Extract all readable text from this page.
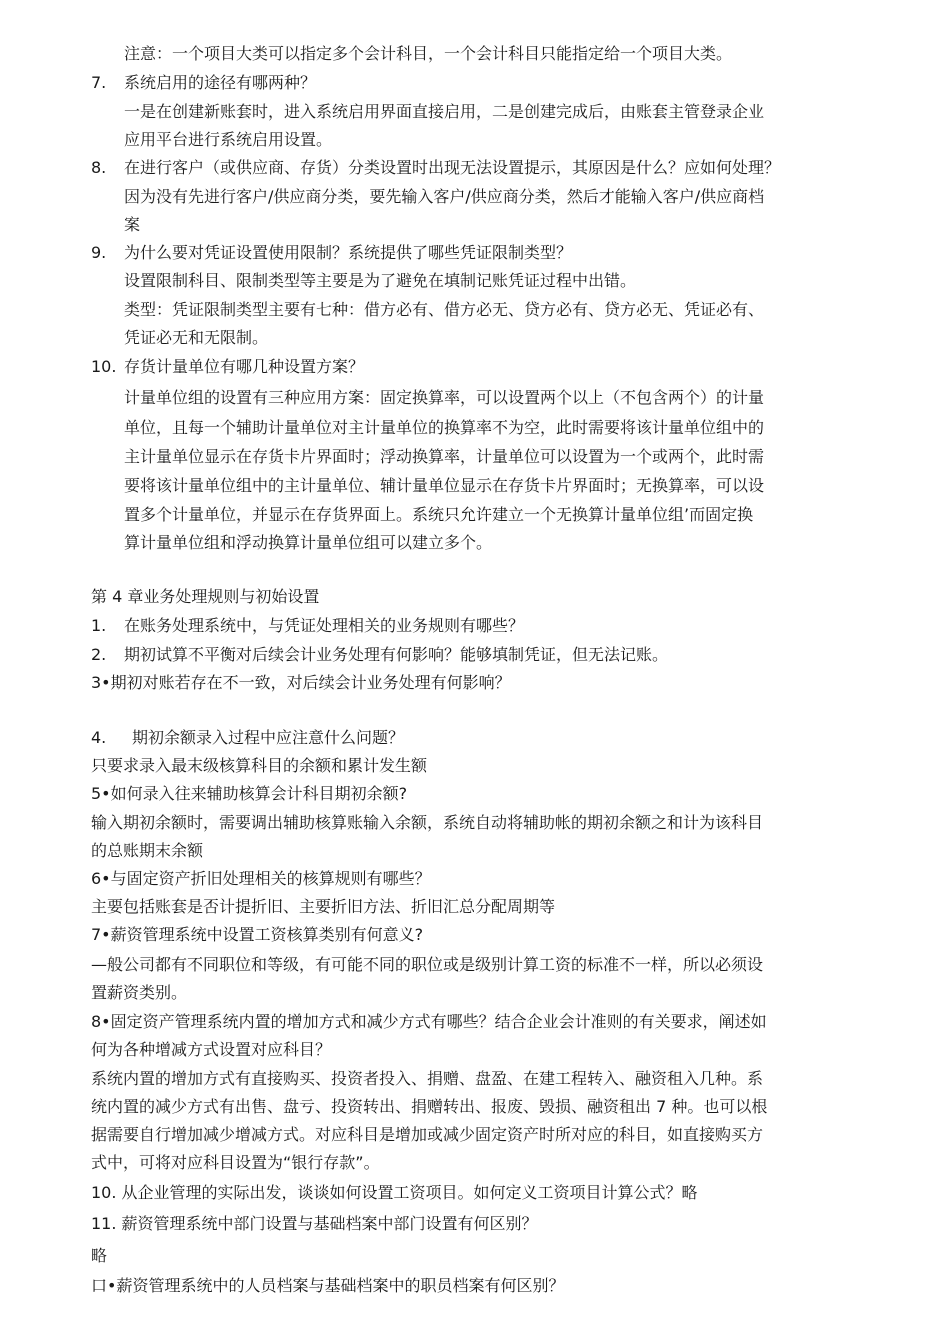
注意：一个项目大类可以指定多个会计科目，一个会计科目只能指定给一个项目大类。
7. 系统启用的途径有哪两种？
一是在创建新账套时，进入系统启用界面直接启用，二是创建完成后，由账套主管登录企业
应用平台进行系统启用设置。
8. 在进行客户（或供应商、存货）分类设置时出现无法设置提示，其原因是什么？应如何处理？
因为没有先进行客户/供应商分类，要先输入客户/供应商分类，然后才能输入客户/供应商档
案
9. 为什么要对凭证设置使用限制？系统提供了哪些凭证限制类型？
设置限制科目、限制类型等主要是为了避免在填制记账凭证过程中出错。
类型：凭证限制类型主要有七种：借方必有、借方必无、贷方必有、贷方必无、凭证必有、
凭证必无和无限制。
10. 存货计量单位有哪几种设置方案？
计量单位组的设置有三种应用方案：固定换算率，可以设置两个以上（不包含两个）的计量
单位，且每一个辅助计量单位对主计量单位的换算率不为空，此时需要将该计量单位组中的
主计量单位显示在存货卡片界面时；浮动换算率，计量单位可以设置为一个或两个，此时需
要将该计量单位组中的主计量单位、辅计量单位显示在存货卡片界面时；无换算率，可以设
置多个计量单位，并显示在存货界面上。系统只允许建立一个无换算计量单位组’而固定换
算计量单位组和浮动换算计量单位组可以建立多个。
第 4 章业务处理规则与初始设置
1. 在账务处理系统中，与凭证处理相关的业务规则有哪些？
2. 期初试算不平衡对后续会计业务处理有何影响？能够填制凭证，但无法记账。
3•期初对账若存在不一致，对后续会计业务处理有何影响？
4. 期初余额录入过程中应注意什么问题？
只要求录入最末级核算科目的余额和累计发生额
5•如何录入往来辅助核算会计科目期初余额?
输入期初余额时，需要调出辅助核算账输入余额，系统自动将辅助帐的期初余额之和计为该科目
的总账期末余额
6•与固定资产折旧处理相关的核算规则有哪些？
主要包括账套是否计提折旧、主要折旧方法、折旧汇总分配周期等
7•薪资管理系统中设置工资核算类别有何意义?
—般公司都有不同职位和等级，有可能不同的职位或是级别计算工资的标准不一样，所以必须设
置薪资类别。
8•固定资产管理系统内置的增加方式和减少方式有哪些？结合企业会计准则的有关要求，阐述如
何为各种增减方式设置对应科目？
系统内置的增加方式有直接购买、投资者投入、捐赠、盘盈、在建工程转入、融资租入几种。系
统内置的减少方式有出售、盘亏、投资转出、捐赠转出、报废、毁损、融资租出 7 种。也可以根
据需要自行增加减少增减方式。对应科目是增加或减少固定资产时所对应的科目，如直接购买方
式中，可将对应科目设置为“银行存款”。
10. 从企业管理的实际出发，谈谈如何设置工资项目。如何定义工资项目计算公式？略
11. 薪资管理系统中部门设置与基础档案中部门设置有何区别？
略
口•薪资管理系统中的人员档案与基础档案中的职员档案有何区别？
